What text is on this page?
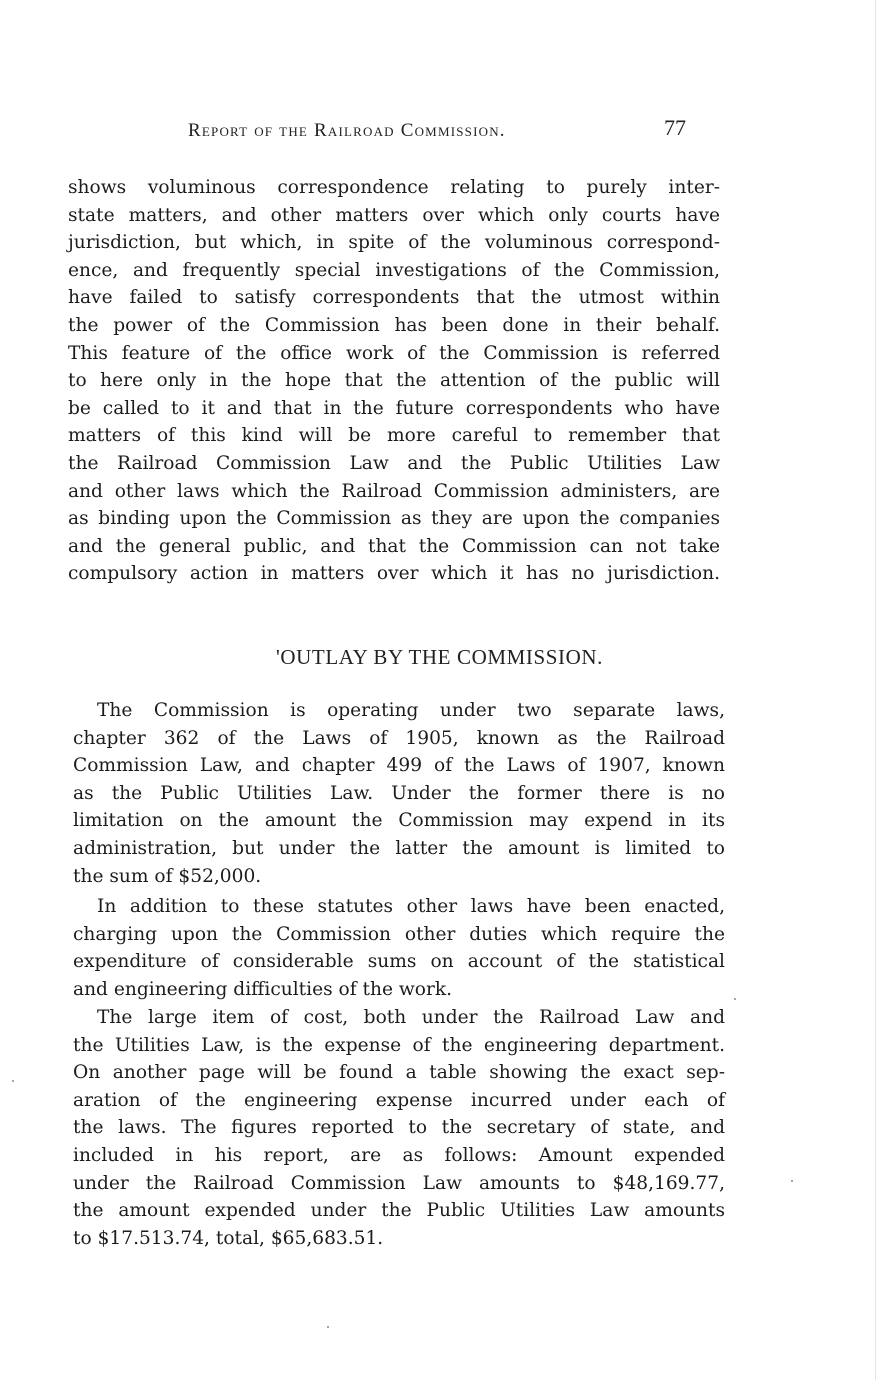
Report of the Railroad Commission.	77
shows voluminous correspondence relating to purely inter-
state matters, and other matters over which only courts have
jurisdiction, but which, in spite of the voluminous correspond-
ence, and frequently special investigations of the Commission,
have failed to satisfy correspondents that the utmost within
the power of the Commission has been done in their behalf.
This feature of the office work of the Commission is referred
to here only in the hope that the attention of the public will
be called to it and that in the future correspondents who have
matters of this kind will be more careful to remember that
the Railroad Commission Law and the Public Utilities Law
and other laws which the Railroad Commission administers, are
as binding upon the Commission as they are upon the companies
and the general public, and that the Commission can not take
compulsory action in matters over which it has no jurisdiction.
'OUTLAY BY THE COMMISSION.
The Commission is operating under two separate laws,
chapter 362 of the Laws of 1905, known as the Railroad
Commission Law, and chapter 499 of the Laws of 1907, known
as the Public Utilities Law. Under the former there is no
limitation on the amount the Commission may expend in its
administration, but under the latter the amount is limited to
the sum of $52,000.
In addition to these statutes other laws have been enacted,
charging upon the Commission other duties which require the
expenditure of considerable sums on account of the statistical
and engineering difficulties of the work.
The large item of cost, both under the Railroad Law and
the Utilities Law, is the expense of the engineering department.
On another page will be found a table showing the exact sep-
aration of the engineering expense incurred under each of
the laws. The figures reported to the secretary of state, and
included in his report, are as follows: Amount expended
under the Railroad Commission Law amounts to $48,169.77,
the amount expended under the Public Utilities Law amounts
to $17.513.74, total, $65,683.51.
